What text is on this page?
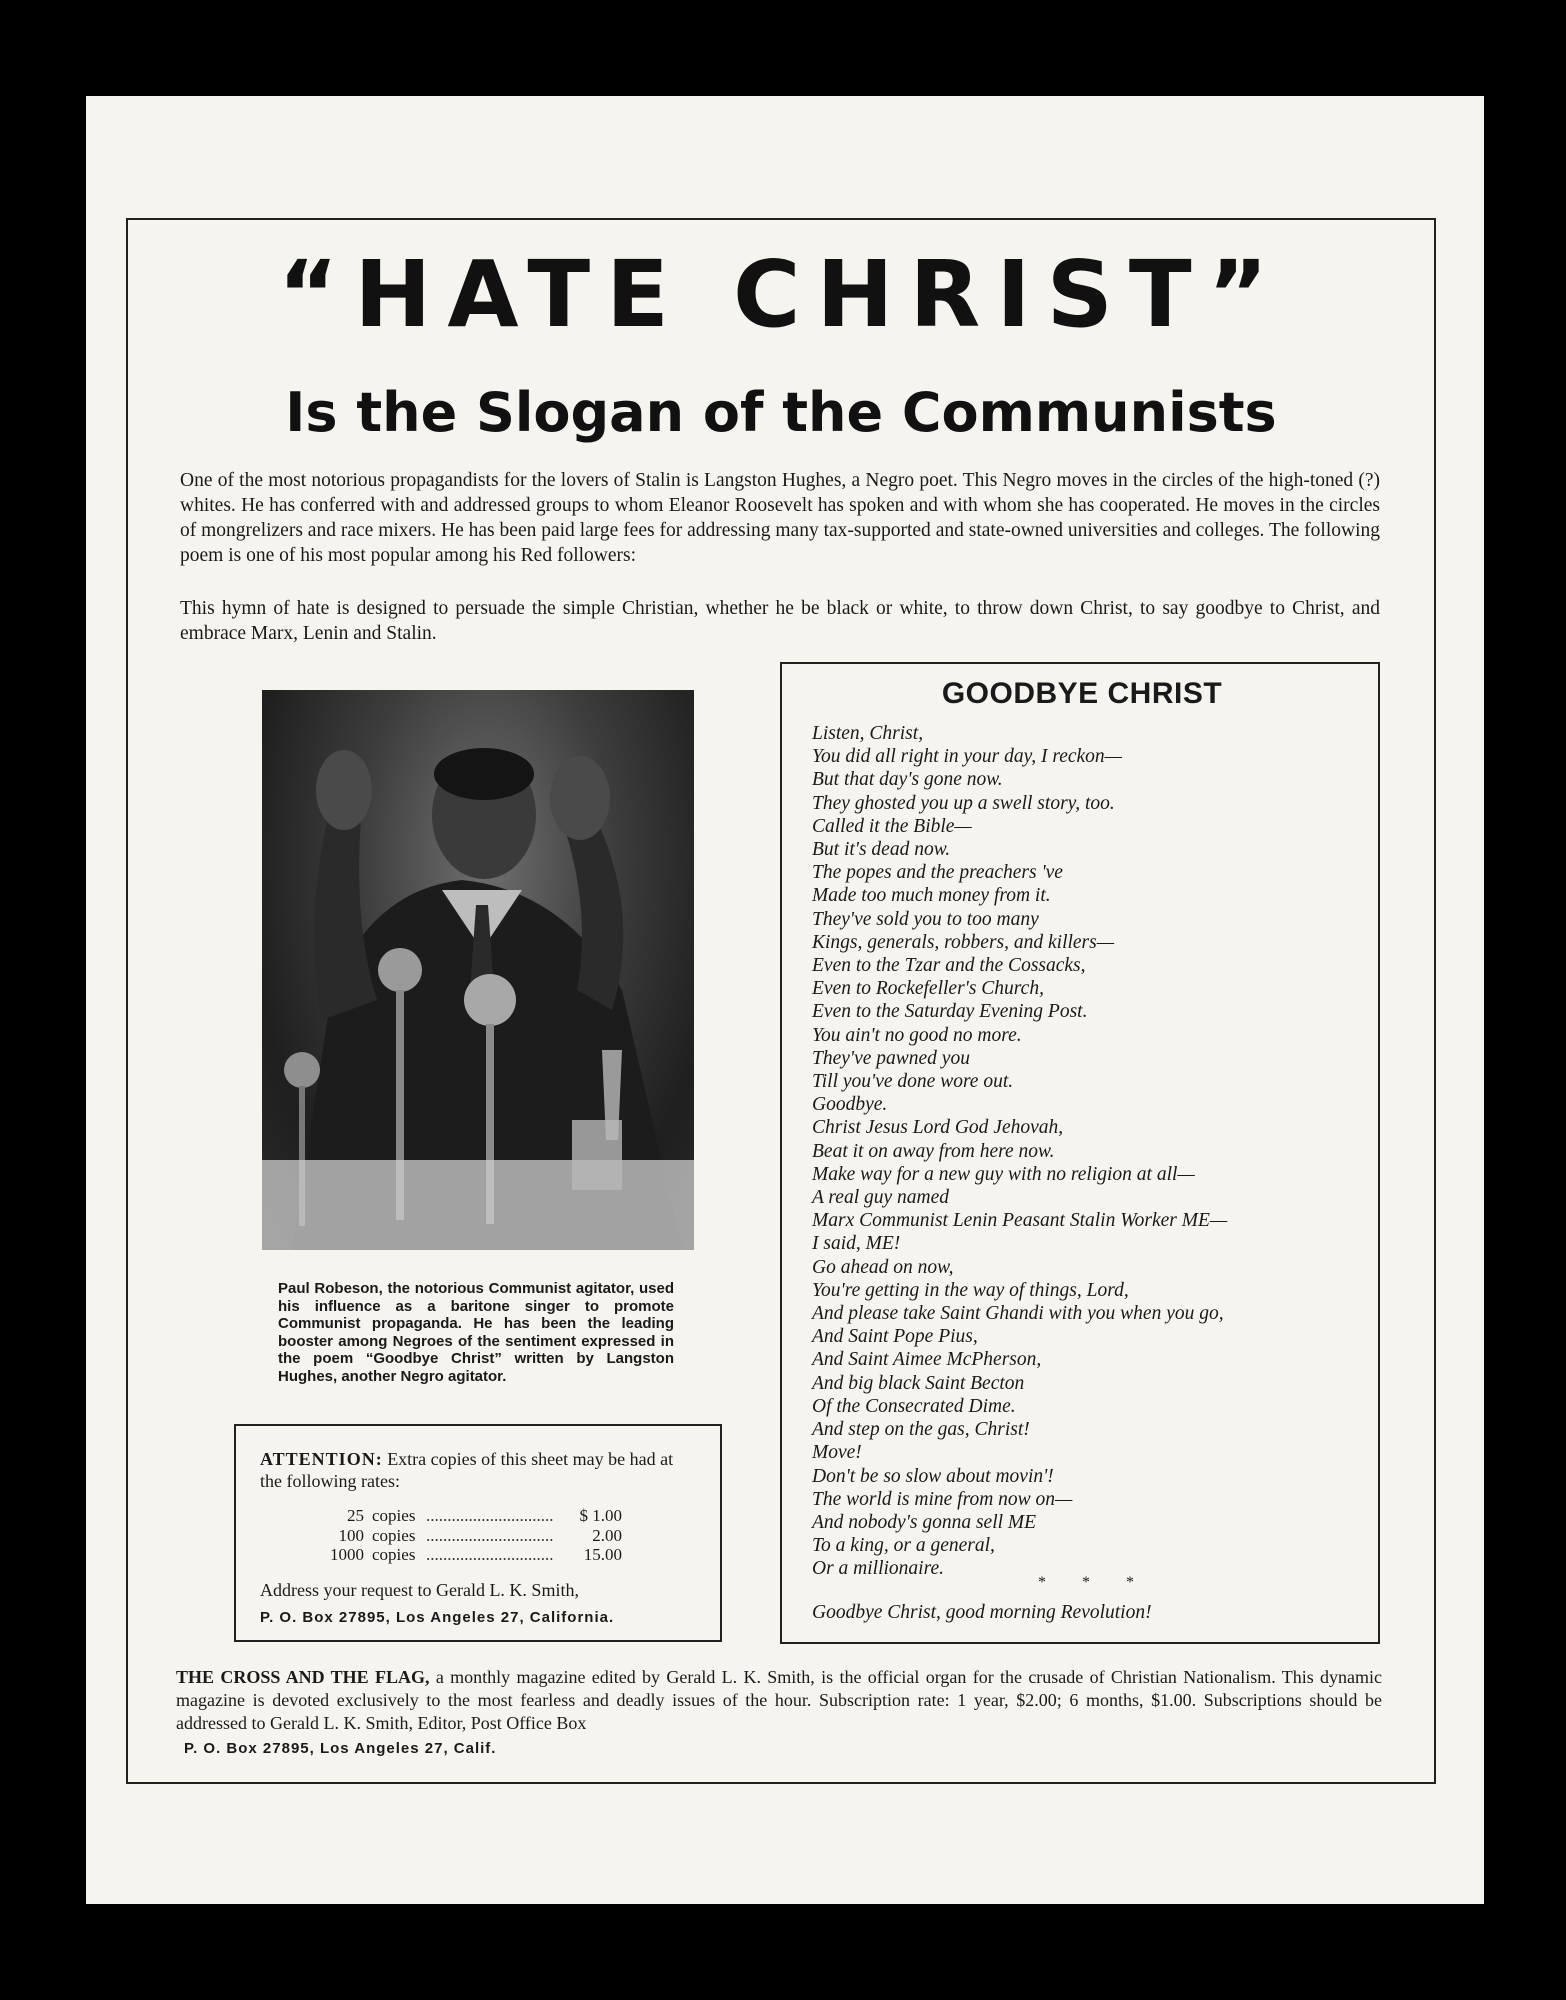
“HATE CHRIST”
Is the Slogan of the Communists

One of the most notorious propagandists for the lovers of Stalin is Langston Hughes, a Negro poet. This Negro moves in the circles of the high-toned (?) whites. He has conferred with and addressed groups to whom Eleanor Roosevelt has spoken and with whom she has cooperated. He moves in the circles of mongrelizers and race mixers. He has been paid large fees for addressing many tax-supported and state-owned universities and colleges. The following poem is one of his most popular among his Red followers:

This hymn of hate is designed to persuade the simple Christian, whether he be black or white, to throw down Christ, to say goodbye to Christ, and embrace Marx, Lenin and Stalin.

Paul Robeson, the notorious Communist agitator, used his influence as a baritone singer to promote Communist propaganda. He has been the leading booster among Negroes of the sentiment expressed in the poem “Goodbye Christ” written by Langston Hughes, another Negro agitator.

ATTENTION: Extra copies of this sheet may be had at the following rates:
25 copies ..............................	$ 1.00
100 copies ..............................	2.00
1000 copies ..............................	15.00
Address your request to Gerald L. K. Smith,
P. O. Box 27895, Los Angeles 27, California.
GOODBYE CHRIST
Listen, Christ,
You did all right in your day, I reckon—
But that day's gone now.
They ghosted you up a swell story, too.
Called it the Bible—
But it's dead now.
The popes and the preachers 've
Made too much money from it.
They've sold you to too many
Kings, generals, robbers, and killers—
Even to the Tzar and the Cossacks,
Even to Rockefeller's Church,
Even to the Saturday Evening Post.
You ain't no good no more.
They've pawned you
Till you've done wore out.
Goodbye.
Christ Jesus Lord God Jehovah,
Beat it on away from here now.
Make way for a new guy with no religion at all—
A real guy named
Marx Communist Lenin Peasant Stalin Worker ME—
I said, ME!
Go ahead on now,
You're getting in the way of things, Lord,
And please take Saint Ghandi with you when you go,
And Saint Pope Pius,
And Saint Aimee McPherson,
And big black Saint Becton
Of the Consecrated Dime.
And step on the gas, Christ!
Move!
Don't be so slow about movin'!
The world is mine from now on—
And nobody's gonna sell ME
To a king, or a general,
Or a millionaire.
* * *
Goodbye Christ, good morning Revolution!

THE CROSS AND THE FLAG, a monthly magazine edited by Gerald L. K. Smith, is the official organ for the crusade of Christian Nationalism. This dynamic magazine is devoted exclusively to the most fearless and deadly issues of the hour. Subscription rate: 1 year, $2.00; 6 months, $1.00. Subscriptions should be addressed to Gerald L. K. Smith, Editor, Post Office Box

P. O. Box 27895, Los Angeles 27, Calif.
